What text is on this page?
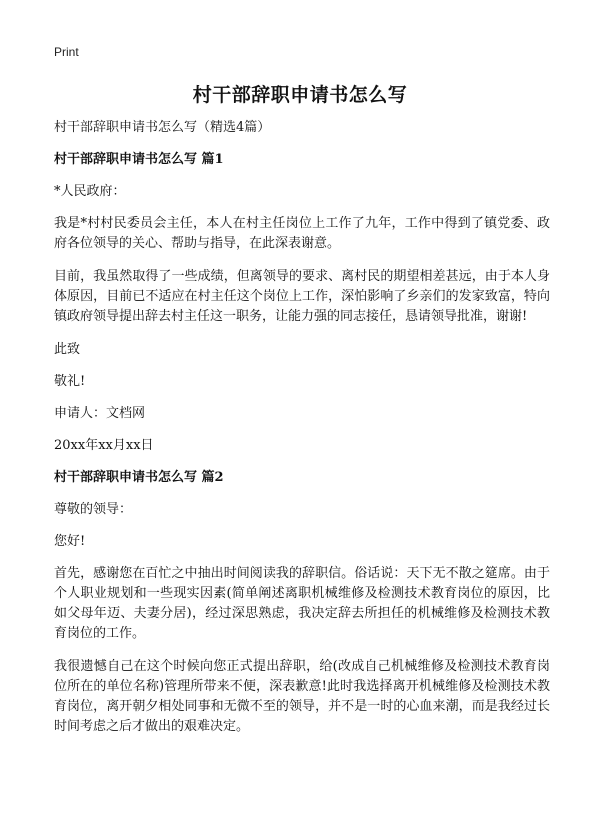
Print
村干部辞职申请书怎么写

村干部辞职申请书怎么写（精选4篇）

村干部辞职申请书怎么写 篇1

*人民政府：

我是*村村民委员会主任，本人在村主任岗位上工作了九年，工作中得到了镇党委、政府各位领导的关心、帮助与指导，在此深表谢意。

目前，我虽然取得了一些成绩，但离领导的要求、离村民的期望相差甚远，由于本人身体原因，目前已不适应在村主任这个岗位上工作，深怕影响了乡亲们的发家致富，特向镇政府领导提出辞去村主任这一职务，让能力强的同志接任，恳请领导批准，谢谢!

此致

敬礼!

申请人：文档网

20xx年xx月xx日

村干部辞职申请书怎么写 篇2

尊敬的领导：

您好!

首先，感谢您在百忙之中抽出时间阅读我的辞职信。俗话说：天下无不散之筵席。由于个人职业规划和一些现实因素(简单阐述离职机械维修及检测技术教育岗位的原因，比如父母年迈、夫妻分居)，经过深思熟虑，我决定辞去所担任的机械维修及检测技术教育岗位的工作。

我很遗憾自己在这个时候向您正式提出辞职，给(改成自己机械维修及检测技术教育岗位所在的单位名称)管理所带来不便，深表歉意!此时我选择离开机械维修及检测技术教育岗位，离开朝夕相处同事和无微不至的领导，并不是一时的心血来潮，而是我经过长时间考虑之后才做出的艰难决定。
